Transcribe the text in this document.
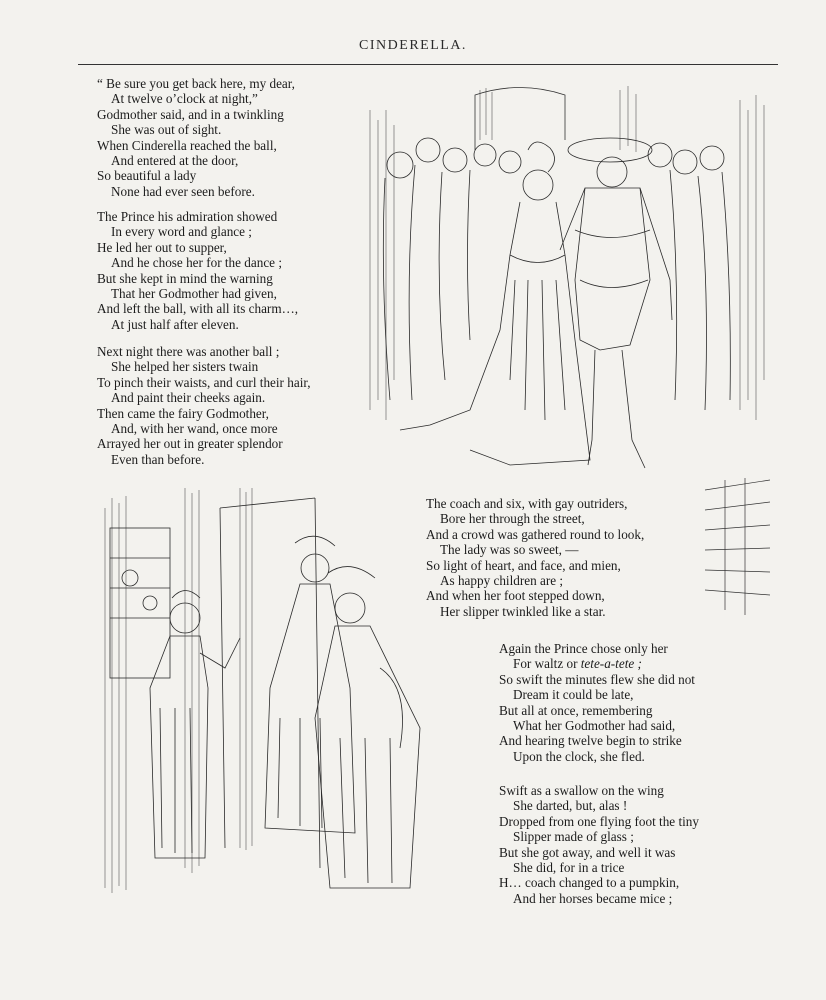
CINDERELLA.
“ Be sure you get back here, my dear,
At twelve o’clock at night,”
Godmother said, and in a twinkling
She was out of sight.
When Cinderella reached the ball,
And entered at the door,
So beautiful a lady
None had ever seen before.
The Prince his admiration showed
In every word and glance ;
He led her out to supper,
And he chose her for the dance ;
But she kept in mind the warning
That her Godmother had given,
And left the ball, with all its charm…,
At just half after eleven.
Next night there was another ball ;
She helped her sisters twain
To pinch their waists, and curl their hair,
And paint their cheeks again.
Then came the fairy Godmother,
And, with her wand, once more
Arrayed her out in greater splendor
Even than before.
The coach and six, with gay outriders,
Bore her through the street,
And a crowd was gathered round to look,
The lady was so sweet, —
So light of heart, and face, and mien,
As happy children are ;
And when her foot stepped down,
Her slipper twinkled like a star.
Again the Prince chose only her
For waltz or tete-a-tete ;
So swift the minutes flew she did not
Dream it could be late,
But all at once, remembering
What her Godmother had said,
And hearing twelve begin to strike
Upon the clock, she fled.
Swift as a swallow on the wing
She darted, but, alas !
Dropped from one flying foot the tiny
Slipper made of glass ;
But she got away, and well it was
She did, for in a trice
H… coach changed to a pumpkin,
And her horses became mice ;
